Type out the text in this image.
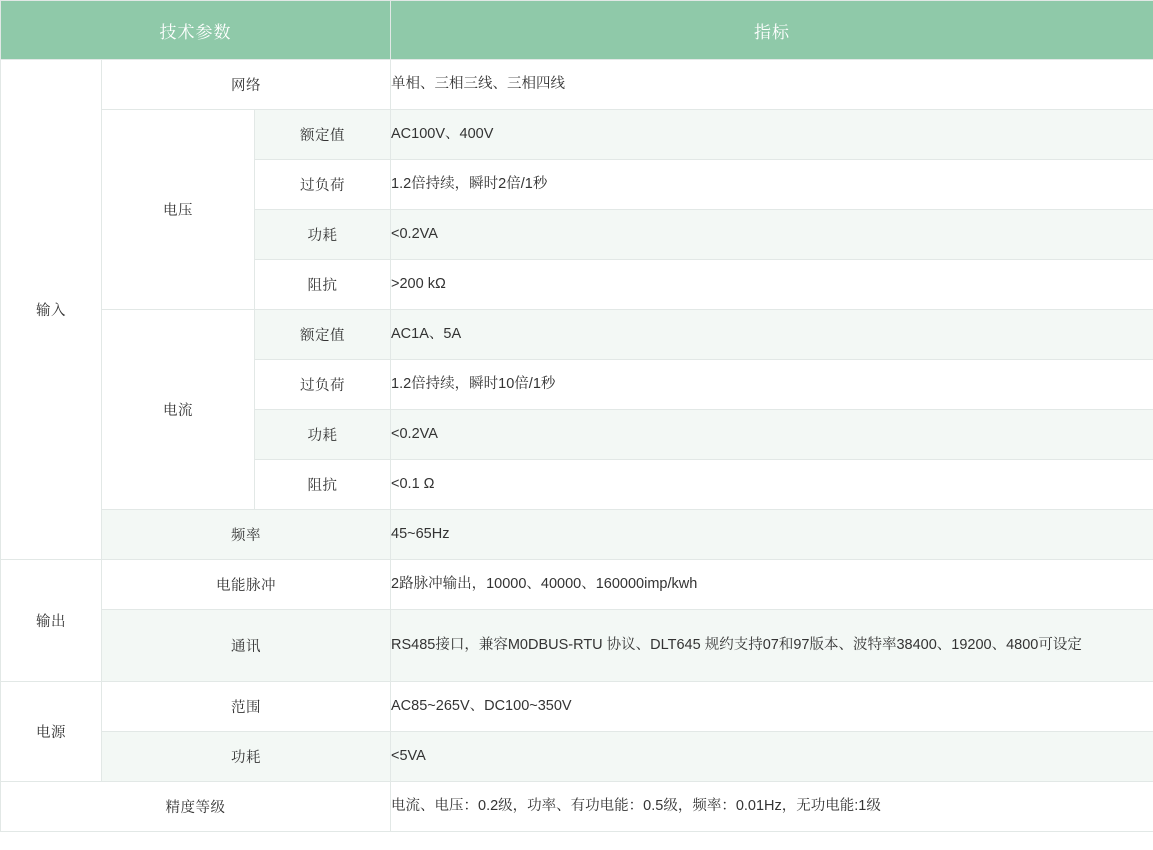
技术参数			指标
输入	网络		单相、三相三线、三相四线
	电压	额定值	AC100V、400V
		过负荷	1.2倍持续，瞬时2倍/1秒
		功耗	<0.2VA
		阻抗	>200 kΩ
	电流	额定值	AC1A、5A
		过负荷	1.2倍持续，瞬时10倍/1秒
		功耗	<0.2VA
		阻抗	<0.1 Ω
	频率		45~65Hz
输出	电能脉冲		2路脉冲输出，10000、40000、160000imp/kwh
	通讯		RS485接口，兼容M0DBUS-RTU 协议、DLT645 规约支持07和97版本、波特率38400、19200、4800可设定
电源	范围		AC85~265V、DC100~350V
	功耗		<5VA
精度等级			电流、电压：0.2级，功率、有功电能：0.5级，频率：0.01Hz，无功电能:1级
